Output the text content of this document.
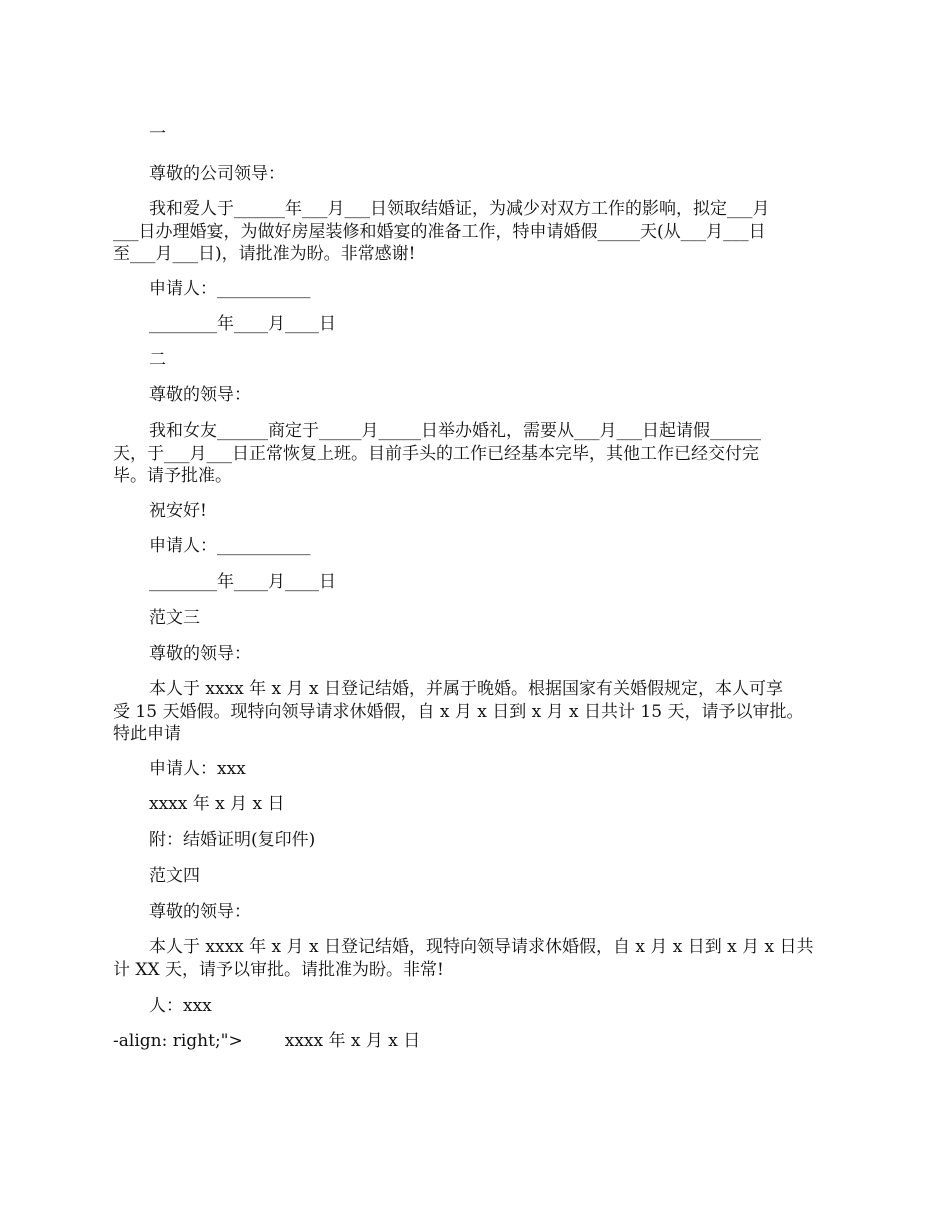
一
尊敬的公司领导：
我和爱人于______年___月___日领取结婚证，为减少对双方工作的影响，拟定___月
___日办理婚宴，为做好房屋装修和婚宴的准备工作，特申请婚假_____天(从___月___日
至___月___日)，请批准为盼。非常感谢!
申请人：___________
________年____月____日
二
尊敬的领导：
我和女友______商定于_____月_____日举办婚礼，需要从___月___日起请假______
天，于___月___日正常恢复上班。目前手头的工作已经基本完毕，其他工作已经交付完
毕。请予批准。
祝安好!
申请人：___________
________年____月____日
范文三
尊敬的领导：
本人于 xxxx 年 x 月 x 日登记结婚，并属于晚婚。根据国家有关婚假规定，本人可享
受 15 天婚假。现特向领导请求休婚假，自 x 月 x 日到 x 月 x 日共计 15 天，请予以审批。
特此申请
申请人：xxx
xxxx 年 x 月 x 日
附：结婚证明(复印件)
范文四
尊敬的领导：
本人于 xxxx 年 x 月 x 日登记结婚，现特向领导请求休婚假，自 x 月 x 日到 x 月 x 日共
计 XX 天，请予以审批。请批准为盼。非常!
人：xxx
-align: right;"> xxxx 年 x 月 x 日
